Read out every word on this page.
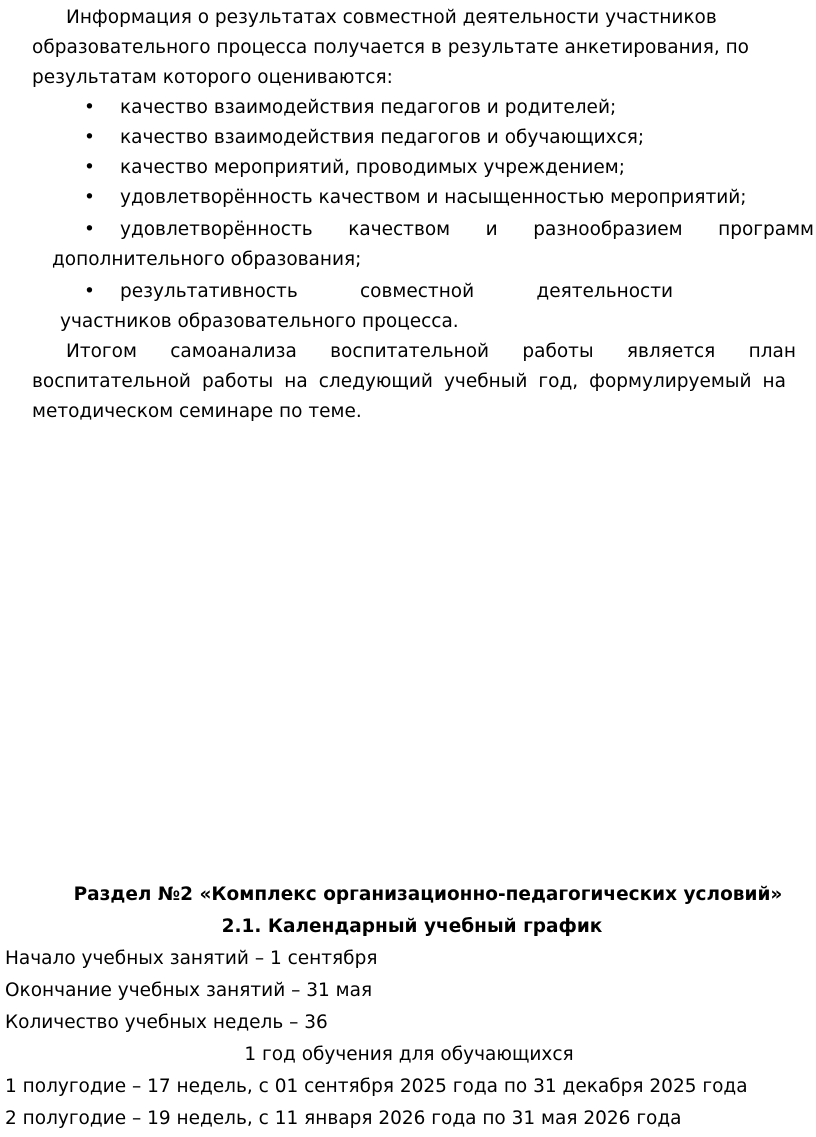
Информация о результатах совместной деятельности участников
образовательного процесса получается в результате анкетирования, по
результатам которого оцениваются:
•	качество взаимодействия педагогов и родителей;
•	качество взаимодействия педагогов и обучающихся;
•	качество мероприятий, проводимых учреждением;
•	удовлетворённость качеством и насыщенностью мероприятий;
•	удовлетворённость качеством и разнообразием программ
дополнительного образования;
•	результативность	совместной	деятельности
участников образовательного процесса.
Итогом самоанализа воспитательной работы является план
воспитательной работы на следующий учебный год, формулируемый на
методическом семинаре по теме.
Раздел №2 «Комплекс организационно-педагогических условий»
2.1. Календарный учебный график
Начало учебных занятий – 1 сентября
Окончание учебных занятий – 31 мая
Количество учебных недель – 36
1 год обучения для обучающихся
1 полугодие – 17 недель, с 01 сентября 2025 года по 31 декабря 2025 года
2 полугодие – 19 недель, с 11 января 2026 года по 31 мая 2026 года
